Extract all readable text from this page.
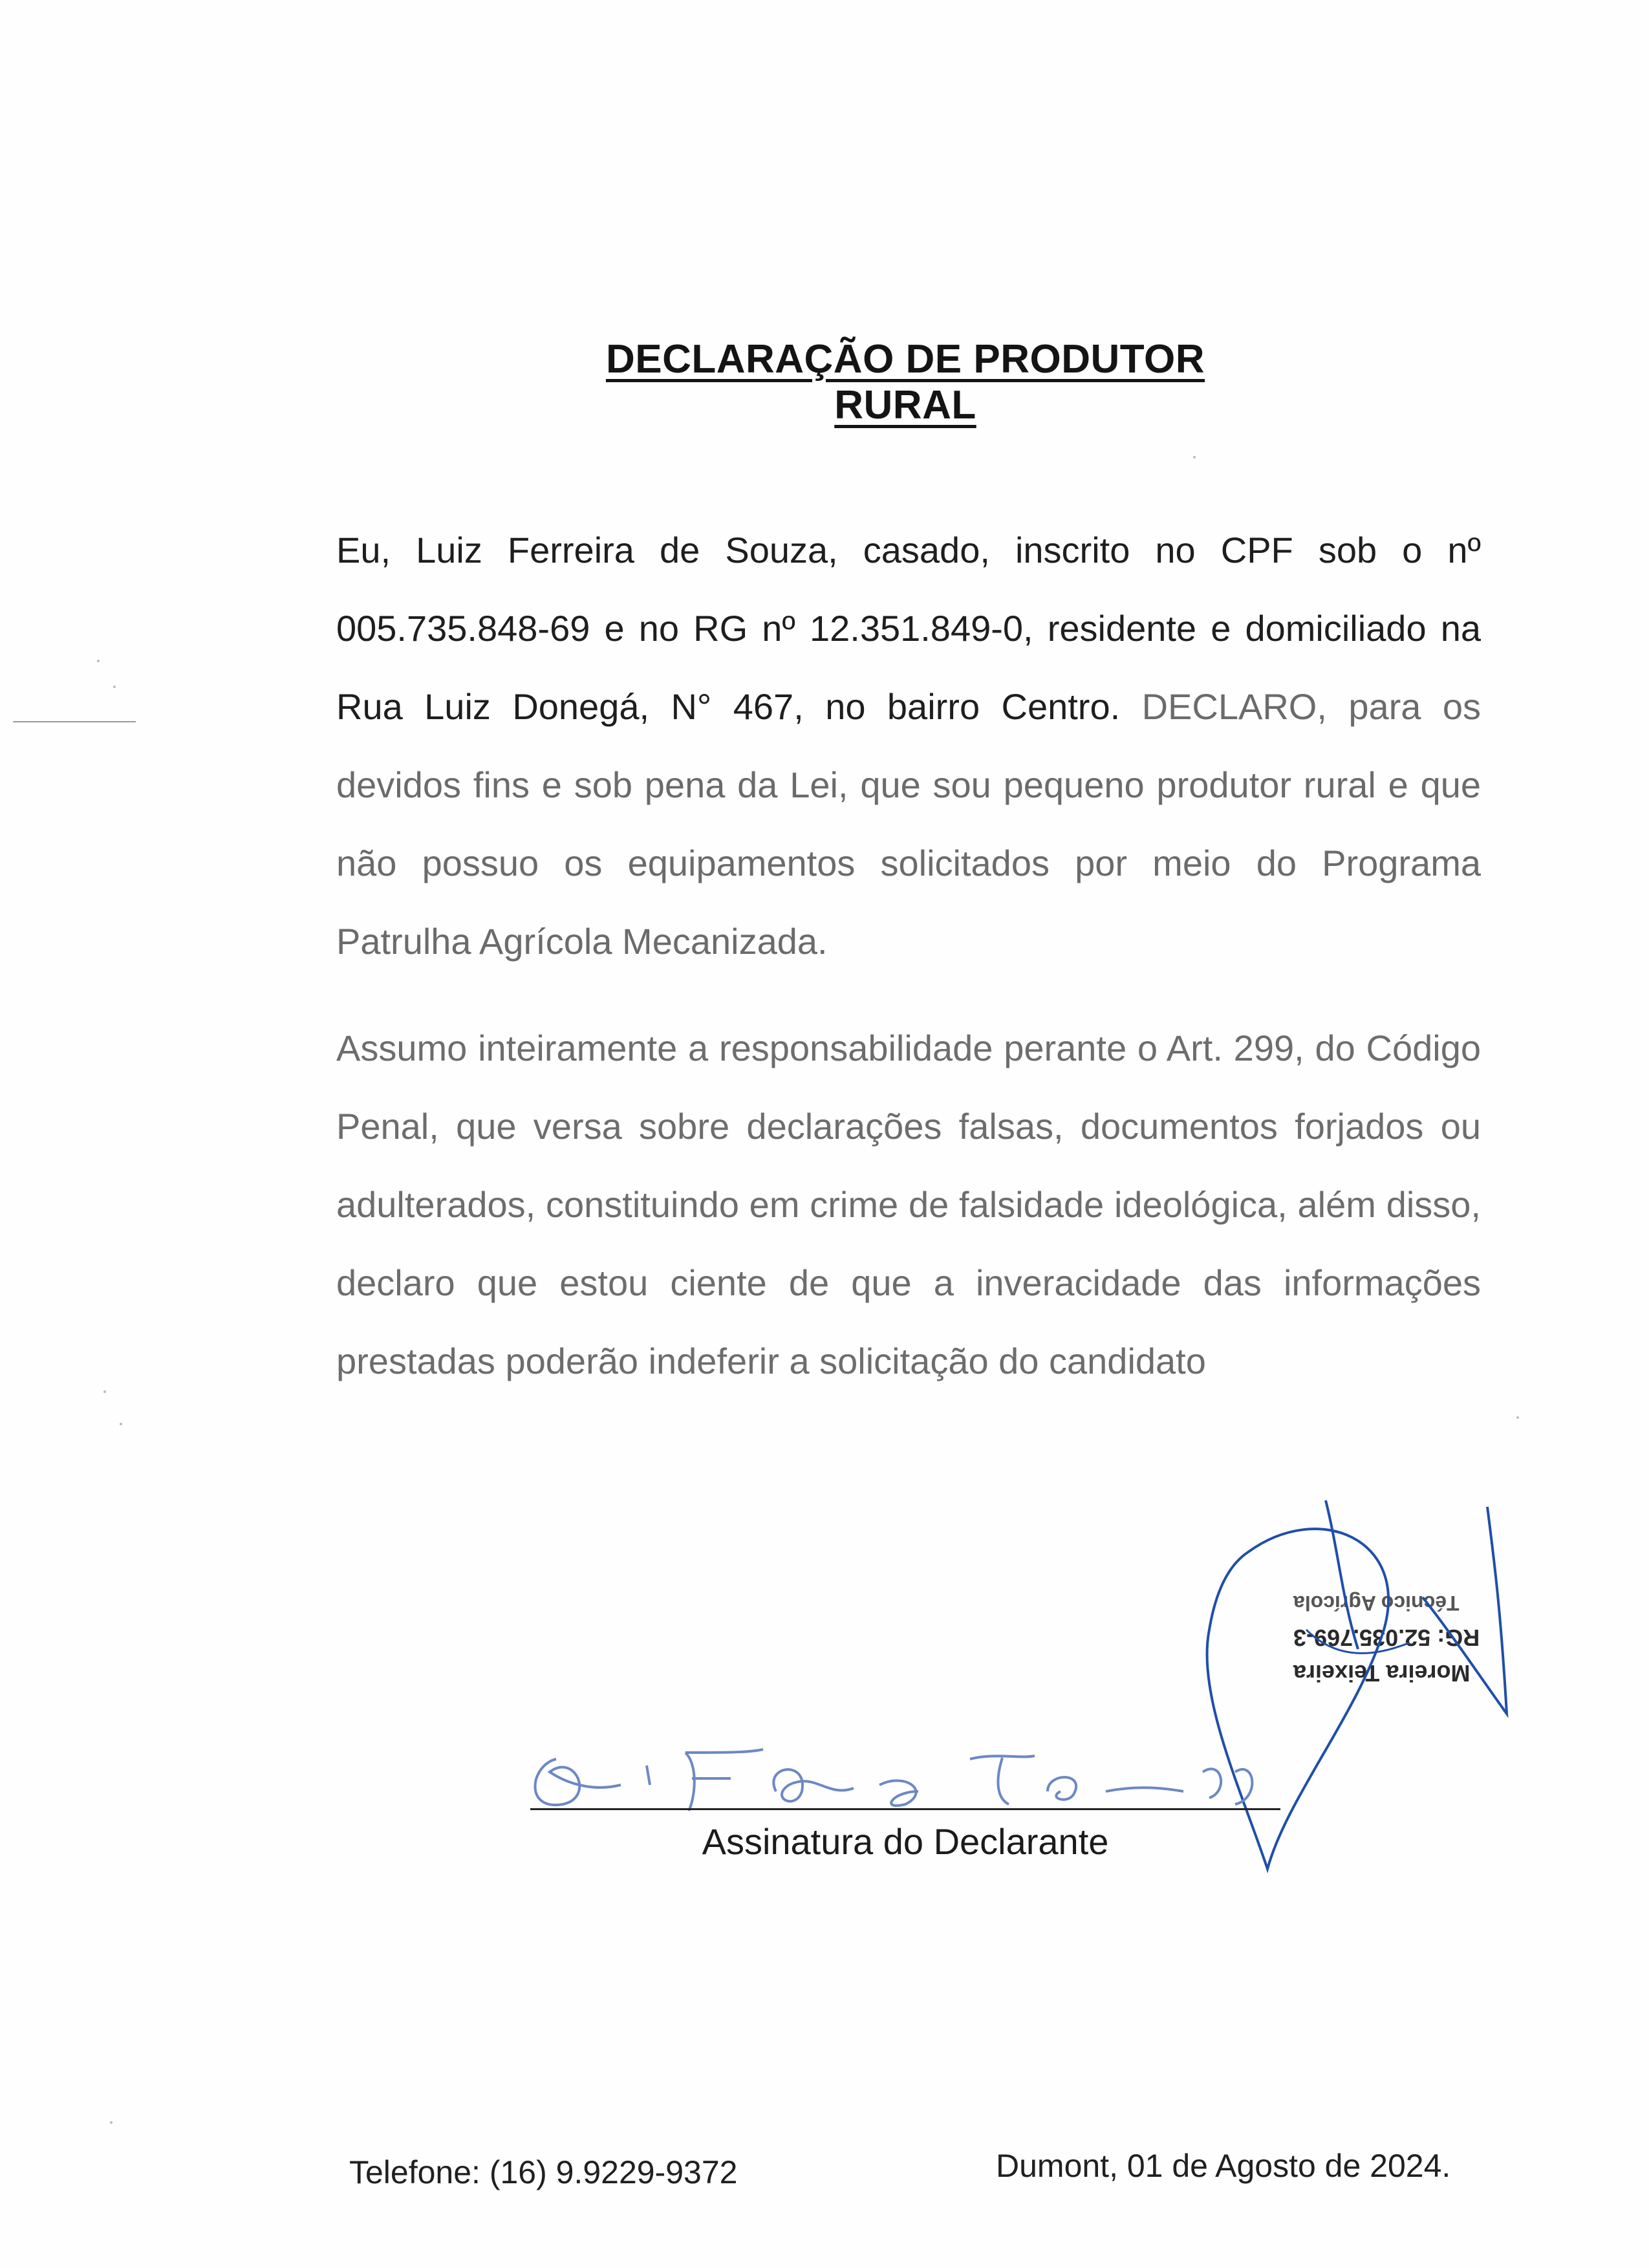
DECLARAÇÃO DE PRODUTOR RURAL
Eu, Luiz Ferreira de Souza, casado, inscrito no CPF sob o nº 005.735.848-69 e no RG nº 12.351.849-0, residente e domiciliado na Rua Luiz Donegá, N° 467, no bairro Centro. DECLARO, para os devidos fins e sob pena da Lei, que sou pequeno produtor rural e que não possuo os equipamentos solicitados por meio do Programa Patrulha Agrícola Mecanizada.
Assumo inteiramente a responsabilidade perante o Art. 299, do Código Penal, que versa sobre declarações falsas, documentos forjados ou adulterados, constituindo em crime de falsidade ideológica, além disso, declaro que estou ciente de que a inveracidade das informações prestadas poderão indeferir a solicitação do candidato
Moreira Teixeira
RG: 52.035.769-3
Técnico Agrícola
Assinatura do Declarante
Telefone: (16) 9.9229-9372	Dumont, 01 de Agosto de 2024.
